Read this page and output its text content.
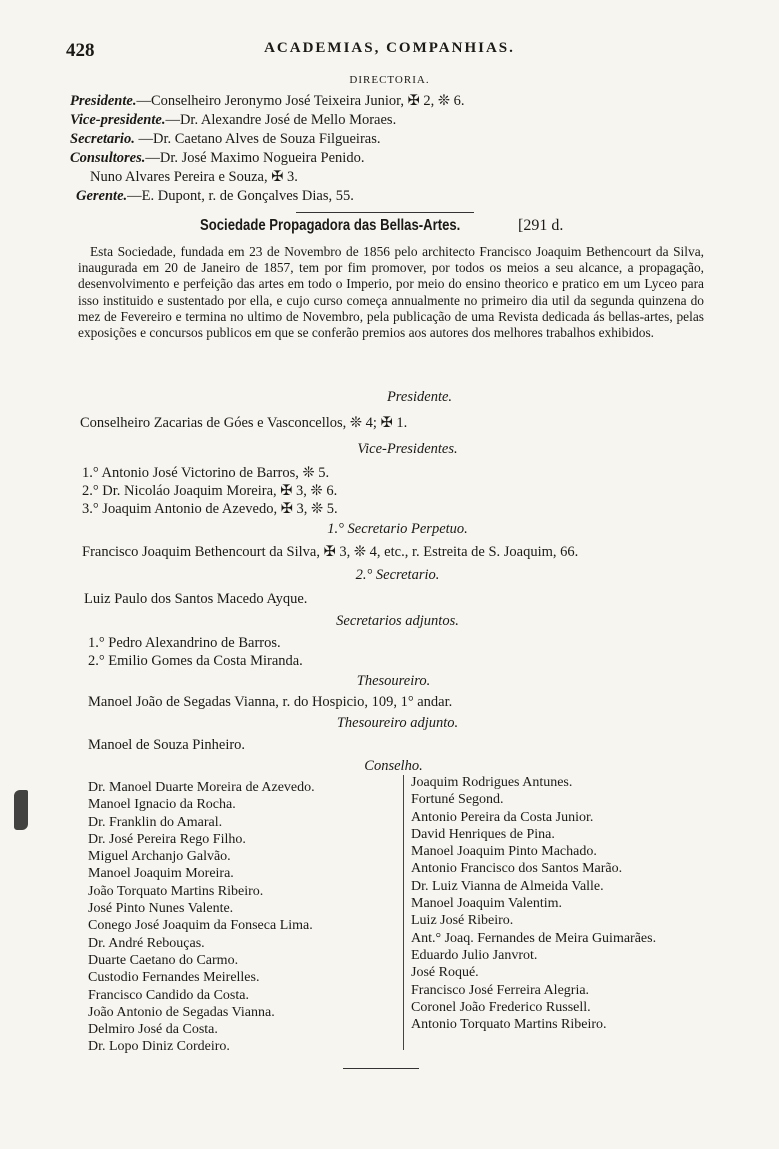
428	ACADEMIAS, COMPANHIAS.
DIRECTORIA.
Presidente.—Conselheiro Jeronymo José Teixeira Junior, ✠ 2, ❊ 6.
Vice-presidente.—Dr. Alexandre José de Mello Moraes.
Secretario. —Dr. Caetano Alves de Souza Filgueiras.
Consultores.—Dr. José Maximo Nogueira Penido.
Nuno Alvares Pereira e Souza, ✠ 3.
Gerente.—E. Dupont, r. de Gonçalves Dias, 55.
Sociedade Propagadora das Bellas-Artes.	[291 d.
Esta Sociedade, fundada em 23 de Novembro de 1856 pelo architecto Francisco Joaquim Bethencourt da Silva, inaugurada em 20 de Janeiro de 1857, tem por fim promover, por todos os meios a seu alcance, a propagação, desenvolvimento e perfeição das artes em todo o Imperio, por meio do ensino theorico e pratico em um Lyceo para isso instituido e sustentado por ella, e cujo curso começa annualmente no primeiro dia util da segunda quinzena do mez de Fevereiro e termina no ultimo de Novembro, pela publicação de uma Revista dedicada ás bellas-artes, pelas exposições e concursos publicos em que se conferão premios aos autores dos melhores trabalhos exhibidos.
Presidente.
Conselheiro Zacarias de Góes e Vasconcellos, ❊ 4; ✠ 1.
Vice-Presidentes.
1.° Antonio José Victorino de Barros, ❊ 5.
2.° Dr. Nicoláo Joaquim Moreira, ✠ 3, ❊ 6.
3.° Joaquim Antonio de Azevedo, ✠ 3, ❊ 5.
1.° Secretario Perpetuo.
Francisco Joaquim Bethencourt da Silva, ✠ 3, ❊ 4, etc., r. Estreita de S. Joaquim, 66.
2.° Secretario.
Luiz Paulo dos Santos Macedo Ayque.
Secretarios adjuntos.
1.° Pedro Alexandrino de Barros.
2.° Emilio Gomes da Costa Miranda.
Thesoureiro.
Manoel João de Segadas Vianna, r. do Hospicio, 109, 1° andar.
Thesoureiro adjunto.
Manoel de Souza Pinheiro.
Conselho.
Dr. Manoel Duarte Moreira de Azevedo.
Manoel Ignacio da Rocha.
Dr. Franklin do Amaral.
Dr. José Pereira Rego Filho.
Miguel Archanjo Galvão.
Manoel Joaquim Moreira.
João Torquato Martins Ribeiro.
José Pinto Nunes Valente.
Conego José Joaquim da Fonseca Lima.
Dr. André Rebouças.
Duarte Caetano do Carmo.
Custodio Fernandes Meirelles.
Francisco Candido da Costa.
João Antonio de Segadas Vianna.
Delmiro José da Costa.
Dr. Lopo Diniz Cordeiro.
Joaquim Rodrigues Antunes.
Fortuné Segond.
Antonio Pereira da Costa Junior.
David Henriques de Pina.
Manoel Joaquim Pinto Machado.
Antonio Francisco dos Santos Marão.
Dr. Luiz Vianna de Almeida Valle.
Manoel Joaquim Valentim.
Luiz José Ribeiro.
Ant.° Joaq. Fernandes de Meira Guimarães.
Eduardo Julio Janvrot.
José Roqué.
Francisco José Ferreira Alegria.
Coronel João Frederico Russell.
Antonio Torquato Martins Ribeiro.
